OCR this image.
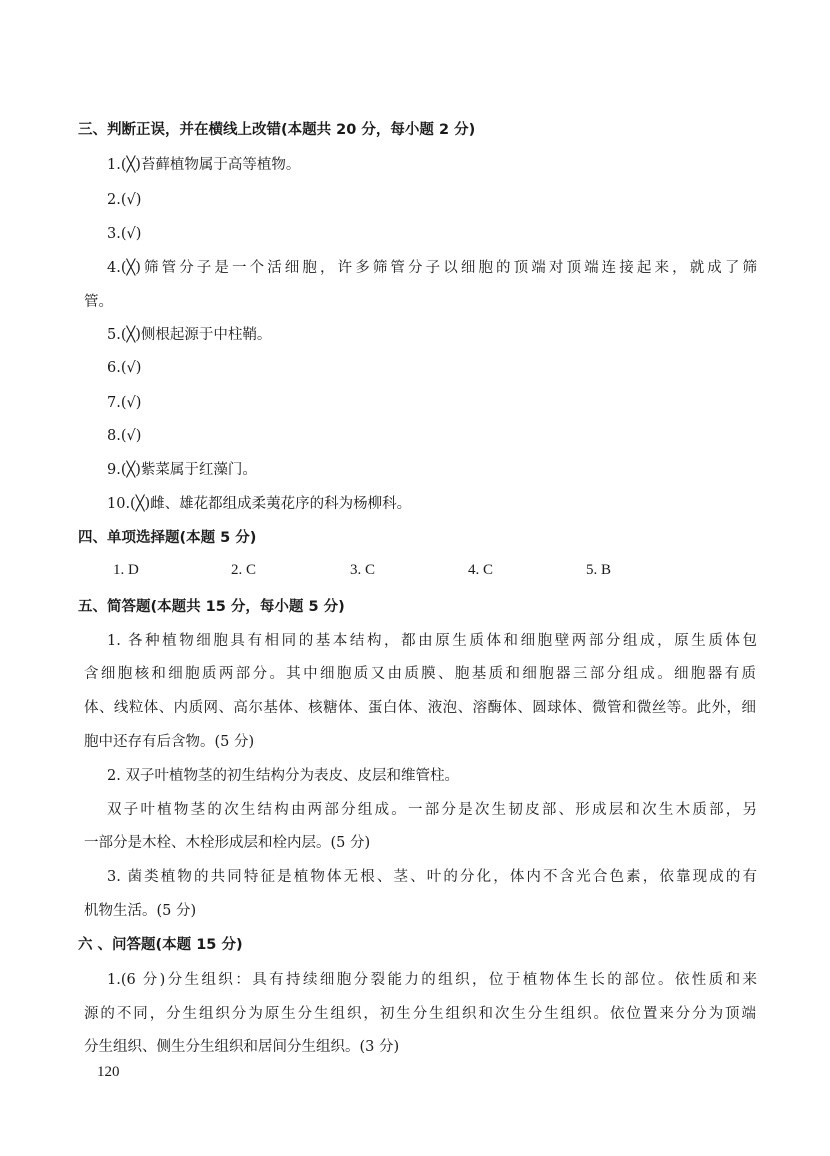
三、判断正误，并在横线上改错(本题共 20 分，每小题 2 分)
1.(╳)苔藓植物属于高等植物。
2.(√)
3.(√)
4.(╳)筛管分子是一个活细胞，许多筛管分子以细胞的顶端对顶端连接起来，就成了筛
管。
5.(╳)侧根起源于中柱鞘。
6.(√)
7.(√)
8.(√)
9.(╳)紫菜属于红藻门。
10.(╳)雌、雄花都组成柔荑花序的科为杨柳科。
四、单项选择题(本题 5 分)
1. D	2. C	3. C	4. C	5. B
五、简答题(本题共 15 分，每小题 5 分)
1. 各种植物细胞具有相同的基本结构，都由原生质体和细胞壁两部分组成，原生质体包
含细胞核和细胞质两部分。其中细胞质又由质膜、胞基质和细胞器三部分组成。细胞器有质
体、线粒体、内质网、高尔基体、核糖体、蛋白体、液泡、溶酶体、圆球体、微管和微丝等。此外，细
胞中还存有后含物。(5 分)
2. 双子叶植物茎的初生结构分为表皮、皮层和维管柱。
双子叶植物茎的次生结构由两部分组成。一部分是次生韧皮部、形成层和次生木质部，另
一部分是木栓、木栓形成层和栓内层。(5 分)
3. 菌类植物的共同特征是植物体无根、茎、叶的分化，体内不含光合色素，依靠现成的有
机物生活。(5 分)
六 、问答题(本题 15 分)
1.(6 分)分生组织：具有持续细胞分裂能力的组织，位于植物体生长的部位。依性质和来
源的不同，分生组织分为原生分生组织，初生分生组织和次生分生组织。依位置来分分为顶端
分生组织、侧生分生组织和居间分生组织。(3 分)
120
